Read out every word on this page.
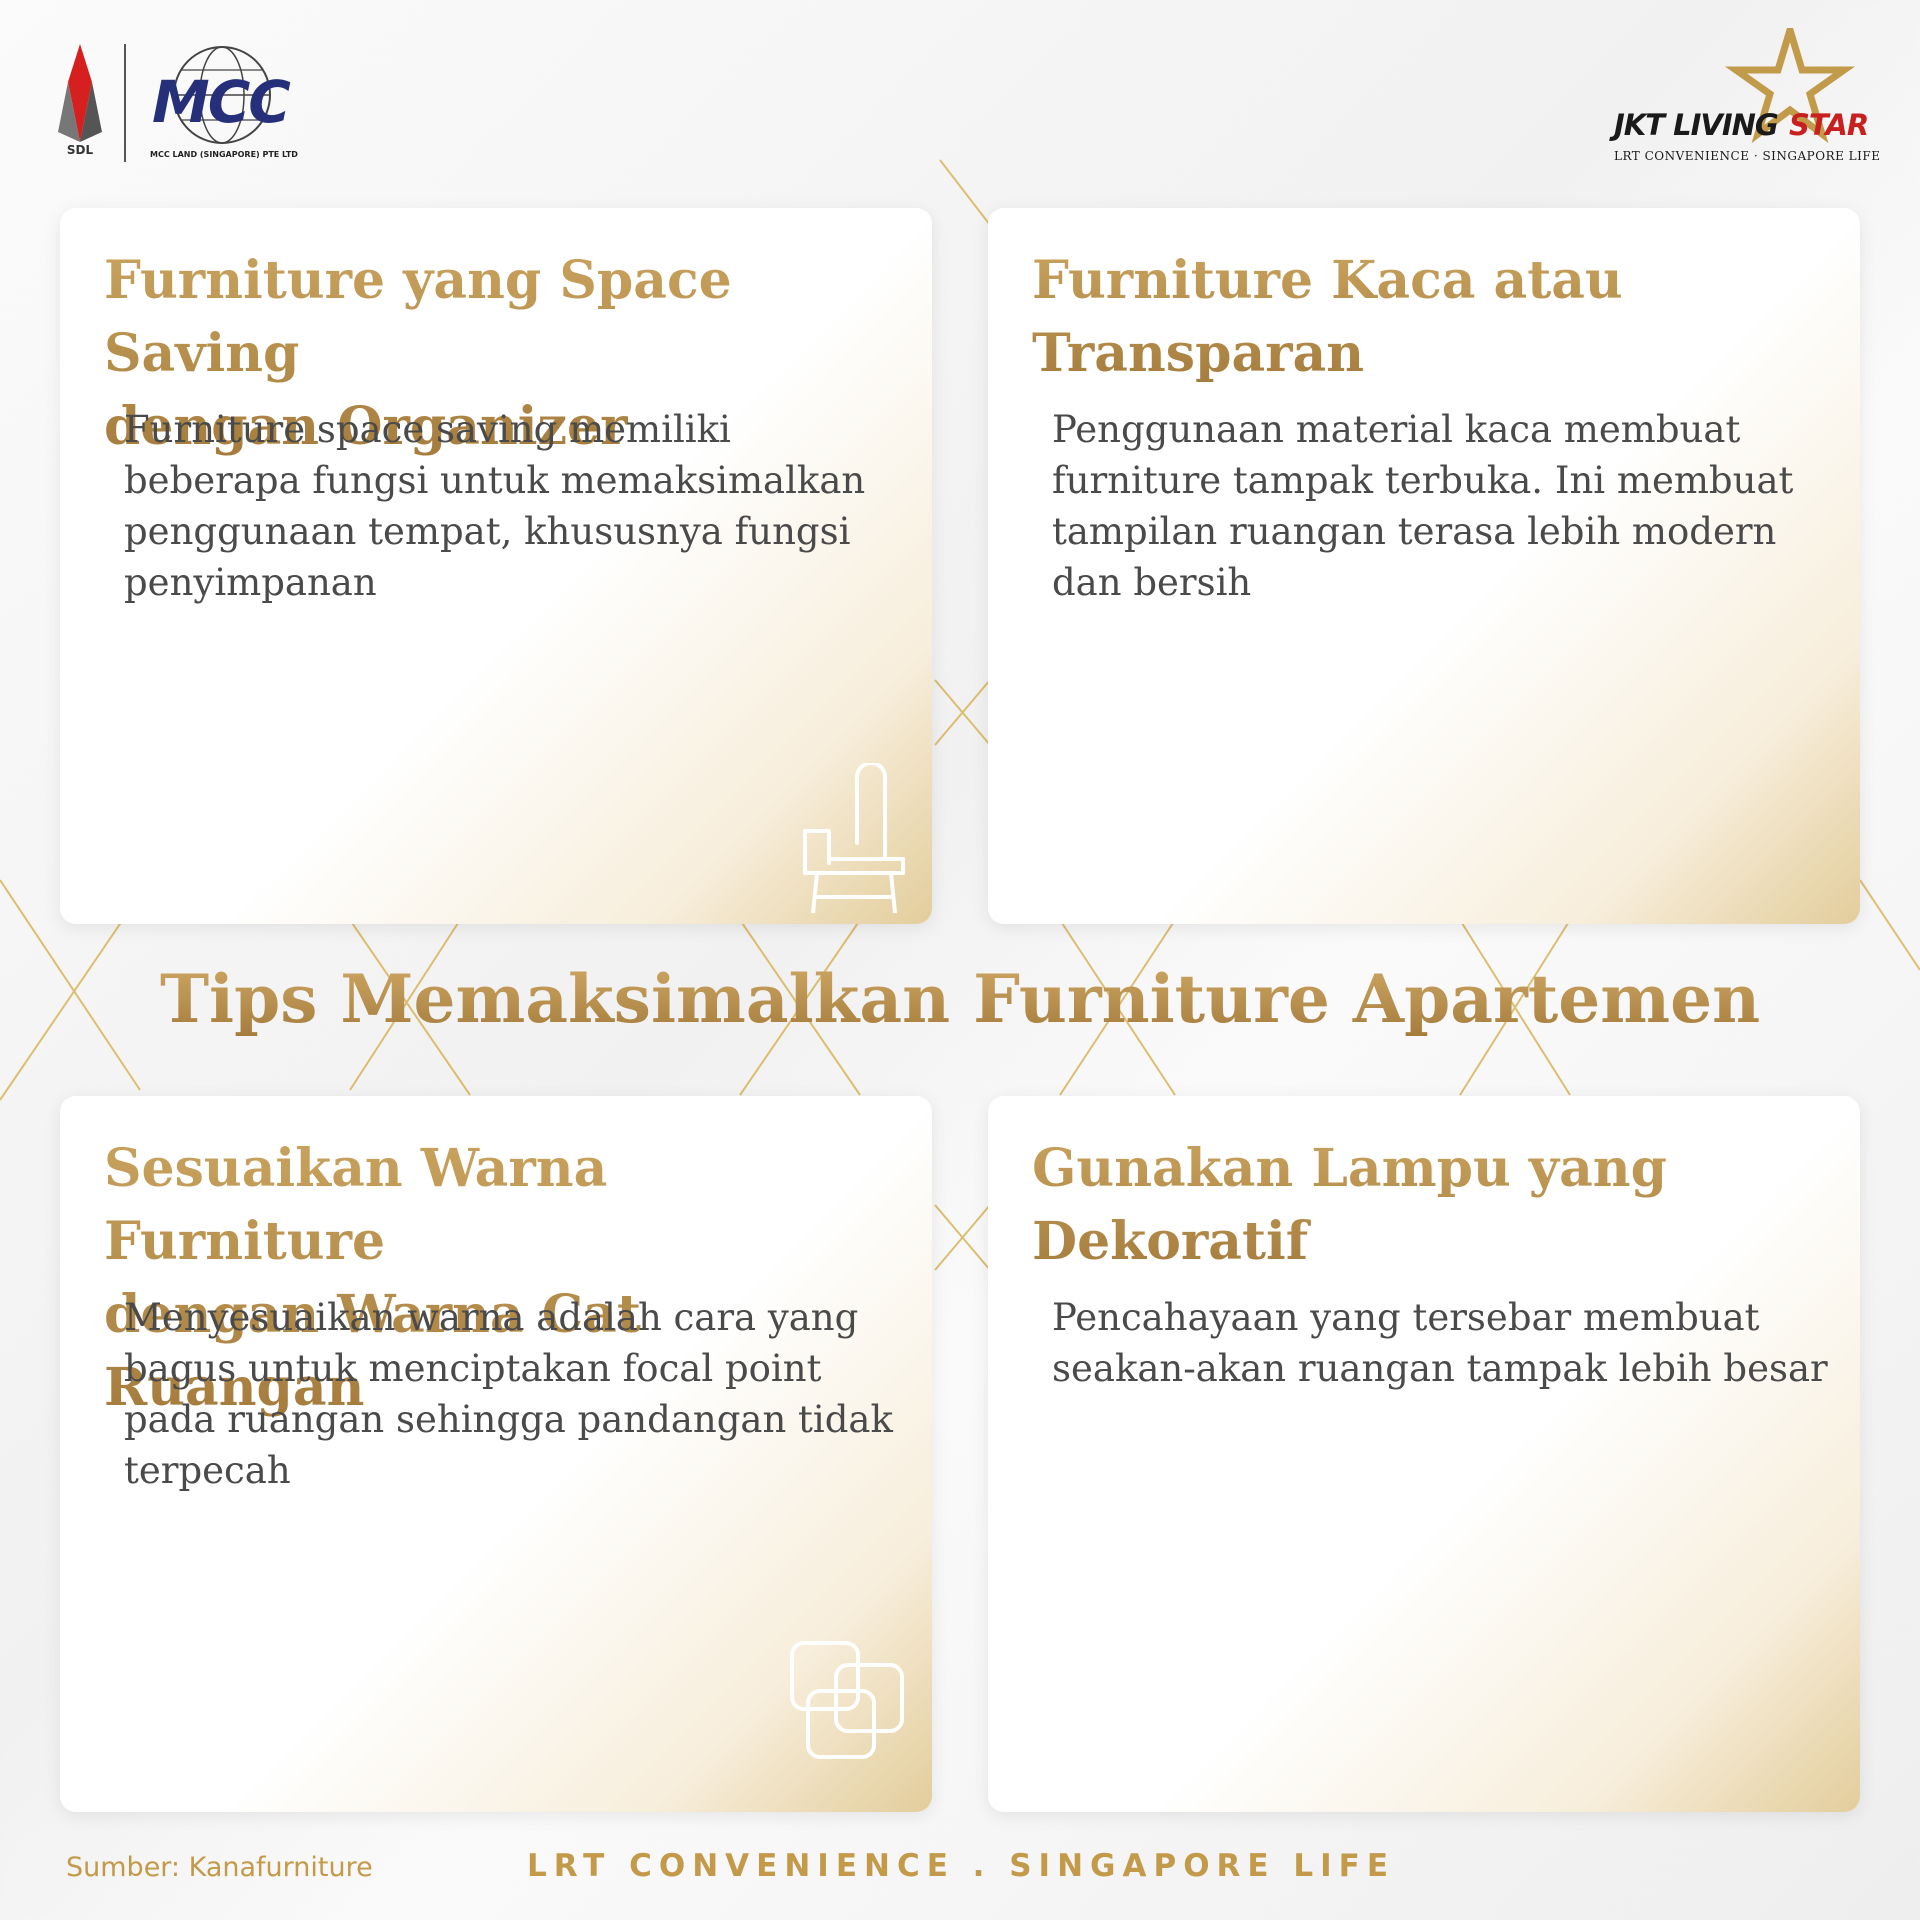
SDL
MCC
MCC LAND (SINGAPORE) PTE LTD
JKT LIVING STAR
LRT CONVENIENCE · SINGAPORE LIFE
Furniture yang Space Saving
dengan Organizer
Furniture space saving memiliki beberapa fungsi untuk memaksimalkan penggunaan tempat, khususnya fungsi penyimpanan
Furniture Kaca atau
Transparan
Penggunaan material kaca membuat furniture tampak terbuka. Ini membuat tampilan ruangan terasa lebih modern dan bersih
Tips Memaksimalkan Furniture Apartemen
Sesuaikan Warna Furniture
dengan Warna Cat Ruangan
Menyesuaikan warna adalah cara yang bagus untuk menciptakan focal point pada ruangan sehingga pandangan tidak terpecah
Gunakan Lampu yang
Dekoratif
Pencahayaan yang tersebar membuat seakan-akan ruangan tampak lebih besar
Sumber: Kanafurniture	LRT CONVENIENCE . SINGAPORE LIFE
